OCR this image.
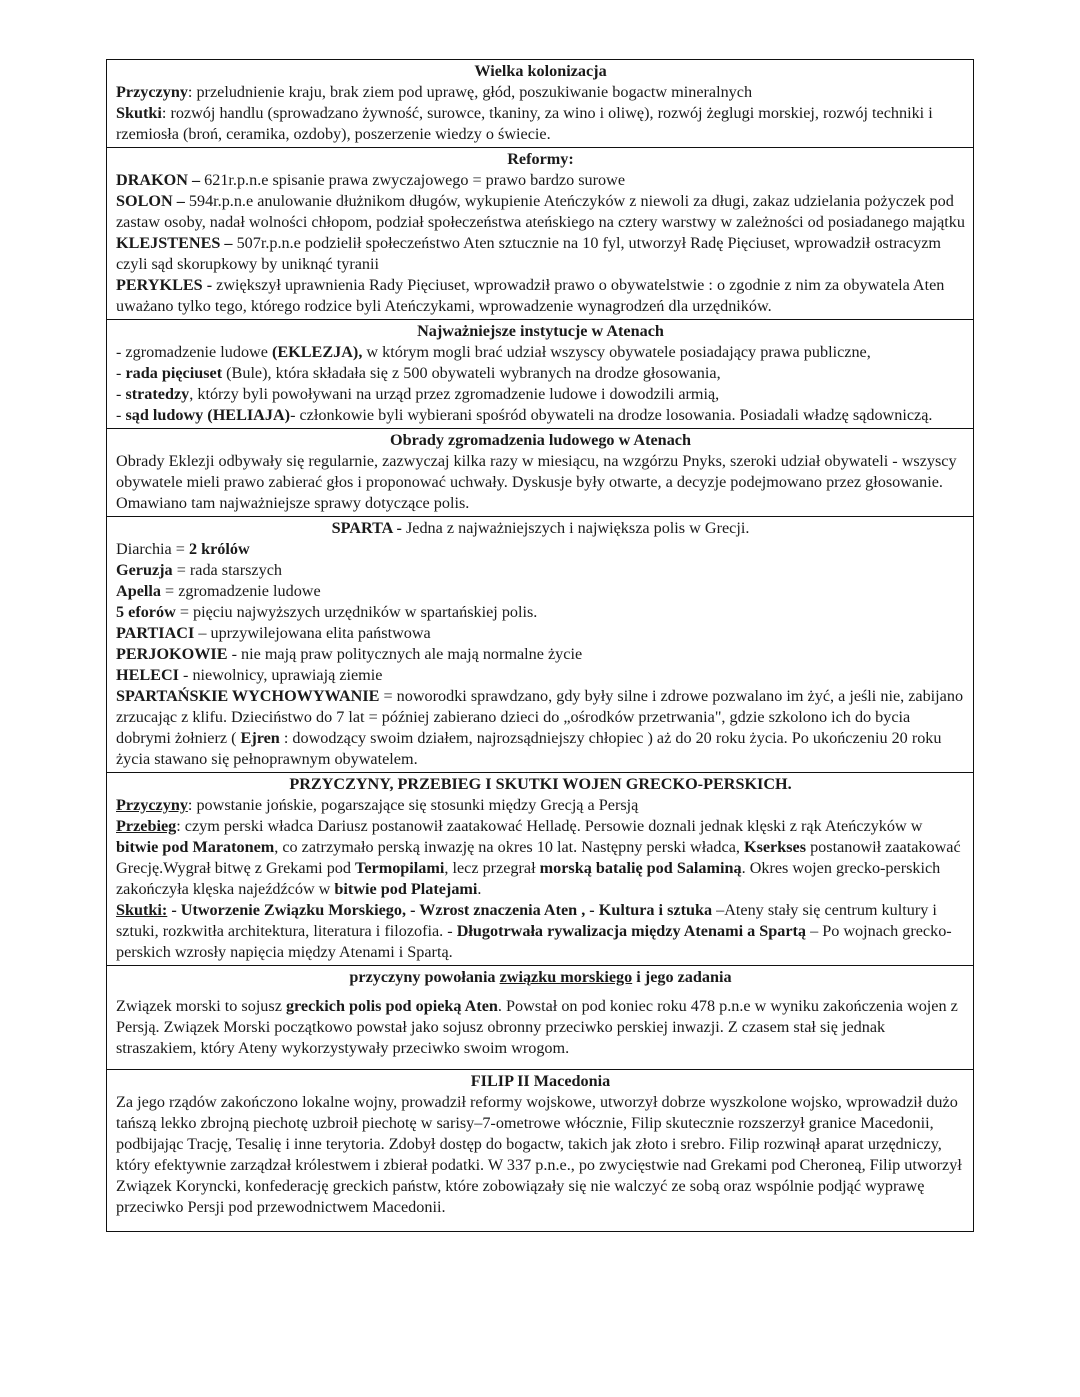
Wielka kolonizacja
Przyczyny: przeludnienie kraju, brak ziem pod uprawę, głód, poszukiwanie bogactw mineralnych
Skutki: rozwój handlu (sprowadzano żywność, surowce, tkaniny, za wino i oliwę), rozwój żeglugi morskiej, rozwój techniki i rzemiosła (broń, ceramika, ozdoby), poszerzenie wiedzy o świecie.
Reformy:
DRAKON – 621r.p.n.e spisanie prawa zwyczajowego = prawo bardzo surowe
SOLON – 594r.p.n.e anulowanie dłużnikom długów, wykupienie Ateńczyków z niewoli za długi, zakaz udzielania pożyczek pod zastaw osoby, nadał wolności chłopom, podział społeczeństwa ateńskiego na cztery warstwy w zależności od posiadanego majątku
KLEJSTENES – 507r.p.n.e podzielił społeczeństwo Aten sztucznie na 10 fyl, utworzył Radę Pięciuset, wprowadził ostracyzm czyli sąd skorupkowy by uniknąć tyranii
PERYKLES - zwiększył uprawnienia Rady Pięciuset, wprowadził prawo o obywatelstwie : o zgodnie z nim za obywatela Aten uważano tylko tego, którego rodzice byli Ateńczykami, wprowadzenie wynagrodzeń dla urzędników.
Najważniejsze instytucje w Atenach
- zgromadzenie ludowe (EKLEZJA), w którym mogli brać udział wszyscy obywatele posiadający prawa publiczne,
- rada pięciuset (Bule), która składała się z 500 obywateli wybranych na drodze głosowania,
- stratedzy, którzy byli powoływani na urząd przez zgromadzenie ludowe i dowodzili armią,
- sąd ludowy (HELIAJA)- członkowie byli wybierani spośród obywateli na drodze losowania. Posiadali władzę sądowniczą.
Obrady zgromadzenia ludowego w Atenach
Obrady Eklezji odbywały się regularnie, zazwyczaj kilka razy w miesiącu, na wzgórzu Pnyks, szeroki udział obywateli - wszyscy obywatele mieli prawo zabierać głos i proponować uchwały. Dyskusje były otwarte, a decyzje podejmowano przez głosowanie. Omawiano tam najważniejsze sprawy dotyczące polis.
SPARTA - Jedna z najważniejszych i największa polis w Grecji.
Diarchia = 2 królów
Geruzja = rada starszych
Apella = zgromadzenie ludowe
5 eforów = pięciu najwyższych urzędników w spartańskiej polis.
PARTIACI – uprzywilejowana elita państwowa
PERJOKOWIE - nie mają praw politycznych ale mają normalne życie
HELECI - niewolnicy, uprawiają ziemie
SPARTAŃSKIE WYCHOWYWANIE = noworodki sprawdzano, gdy były silne i zdrowe pozwalano im żyć, a jeśli nie, zabijano zrzucając z klifu. Dzieciństwo do 7 lat = później zabierano dzieci do „ośrodków przetrwania", gdzie szkolono ich do bycia dobrymi żołnierz ( Ejren : dowodzący swoim działem, najrozsądniejszy chłopiec ) aż do 20 roku życia. Po ukończeniu 20 roku życia stawano się pełnoprawnym obywatelem.
PRZYCZYNY, PRZEBIEG I SKUTKI WOJEN GRECKO-PERSKICH.
Przyczyny: powstanie jońskie, pogarszające się stosunki między Grecją a Persją
Przebieg: czym perski władca Dariusz postanowił zaatakować Helladę. Persowie doznali jednak klęski z rąk Ateńczyków w bitwie pod Maratonem, co zatrzymało perską inwazję na okres 10 lat. Następny perski władca, Kserkses postanowił zaatakować Grecję.Wygrał bitwę z Grekami pod Termopilami, lecz przegrał morską batalię pod Salaminą. Okres wojen grecko-perskich zakończyła klęska najeźdźców w bitwie pod Platejami.
Skutki: - Utworzenie Związku Morskiego, - Wzrost znaczenia Aten , - Kultura i sztuka –Ateny stały się centrum kultury i sztuki, rozkwitła architektura, literatura i filozofia. - Długotrwała rywalizacja między Atenami a Spartą – Po wojnach grecko-perskich wzrosły napięcia między Atenami i Spartą.
przyczyny powołania związku morskiego i jego zadania
Związek morski to sojusz greckich polis pod opieką Aten. Powstał on pod koniec roku 478 p.n.e w wyniku zakończenia wojen z Persją. Związek Morski początkowo powstał jako sojusz obronny przeciwko perskiej inwazji. Z czasem stał się jednak straszakiem, który Ateny wykorzystywały przeciwko swoim wrogom.
FILIP II Macedonia
Za jego rządów zakończono lokalne wojny, prowadził reformy wojskowe, utworzył dobrze wyszkolone wojsko, wprowadził dużo tańszą lekko zbrojną piechotę uzbroił piechotę w sarisy–7-ometrowe włócznie, Filip skutecznie rozszerzył granice Macedonii, podbijając Trację, Tesalię i inne terytoria. Zdobył dostęp do bogactw, takich jak złoto i srebro. Filip rozwinął aparat urzędniczy, który efektywnie zarządzał królestwem i zbierał podatki. W 337 p.n.e., po zwycięstwie nad Grekami pod Cheroneą, Filip utworzył Związek Koryncki, konfederację greckich państw, które zobowiązały się nie walczyć ze sobą oraz wspólnie podjąć wyprawę przeciwko Persji pod przewodnictwem Macedonii.
